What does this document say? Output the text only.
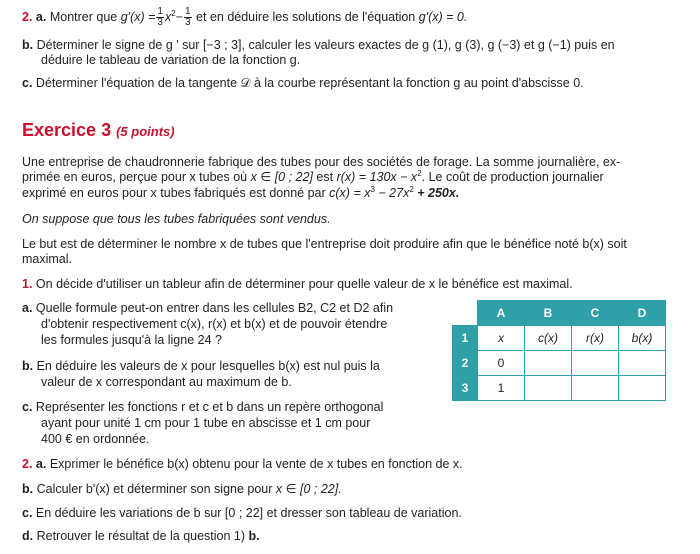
2. a. Montrer que $g'(x) = \frac{1}{3} x^2- \frac{1}{3}$ et en déduire les solutions de l'équation g'(x) = 0.
b. Déterminer le signe de g ' sur [−3 ; 3], calculer les valeurs exactes de g (1), g (3), g (−3) et g (−1) puis en
déduire le tableau de variation de la fonction g.
c. Déterminer l'équation de la tangente 𝒟 à la courbe représentant la fonction g au point d'abscisse 0.
Exercice 3 (5 points)
Une entreprise de chaudronnerie fabrique des tubes pour des sociétés de forage. La somme journalière, ex-
primée en euros, perçue pour x tubes où x ∈ [0 ; 22] est $r(x) = 130x - x^2$. Le coût de production journalier
exprimé en euros pour x tubes fabriqués est donné par $c(x) = x^3 - 27x^2 + 250x$.
On suppose que tous les tubes fabriquées sont vendus.
Le but est de déterminer le nombre x de tubes que l'entreprise doit produire afin que le bénéfice noté b(x) soit
maximal.
1. On décide d'utiliser un tableur afin de déterminer pour quelle valeur de x le bénéfice est maximal.
a. Quelle formule peut-on entrer dans les cellules B2, C2 et D2 afin
d'obtenir respectivement c(x), r(x) et b(x) et de pouvoir étendre
les formules jusqu'à la ligne 24 ?
b. En déduire les valeurs de x pour lesquelles b(x) est nul puis la
valeur de x correspondant au maximum de b.
c. Représenter les fonctions r et c et b dans un repère orthogonal
ayant pour unité 1 cm pour 1 tube en abscisse et 1 cm pour
400 € en ordonnée.
2. a. Exprimer le bénéfice b(x) obtenu pour la vente de x tubes en fonction de x.
b. Calculer b'(x) et déterminer son signe pour x ∈ [0 ; 22].
c. En déduire les variations de b sur [0 ; 22] et dresser son tableau de variation.
d. Retrouver le résultat de la question 1) b.
	A	B	C	D
1	x	c(x)	r(x)	b(x)
2	0			
3	1			
